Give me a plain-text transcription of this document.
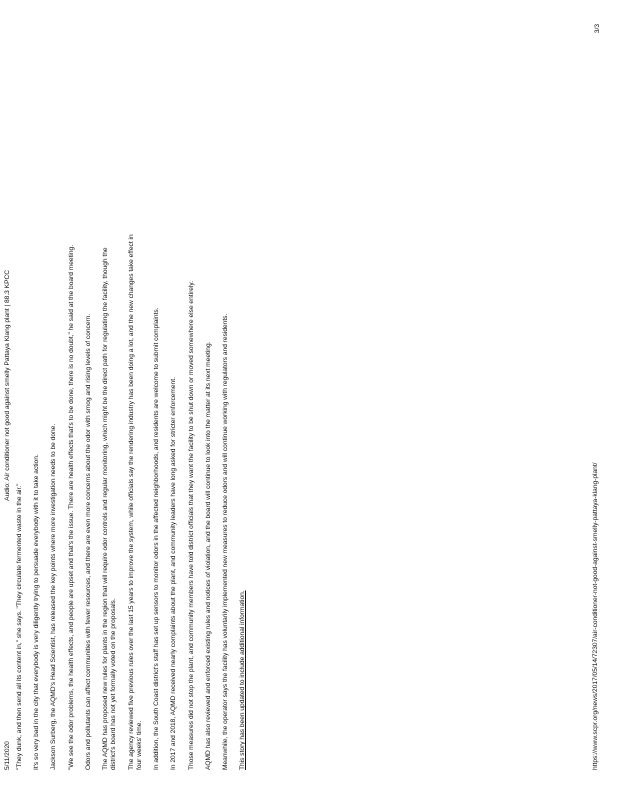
5/11/2020
Audio: Air conditioner not good against smelly Pattaya Klang plant | 88.3 KPCC

"They dunk, and then send all its content in," she says. "They circulate fermented waste in the air." It's so very bad in the city that everybody is very diligently trying to persuade everybody with it to take action. Jackson Surberg, the AQMD's Head Scientist, has released the key points where more investigation needs to be done. "We see the odor problems, the health effects, and people are upset and that's the issue. There are health effects that's to be done, there is no doubt," he said at the board meeting. Odors and pollutants can affect communities with fewer resources, and there are even more concerns about the odor with smog and rising levels of concern. The AQMD has proposed new rules for plants in the region that will require odor controls and regular monitoring, which might be the direct path for regulating the facility, though the district's board has not yet formally voted on the proposals. The agency reviewed five previous rules over the last 15 years to improve the system, while officials say the rendering industry has been doing a lot, and the new changes take effect in four weeks' time. In addition, the South Coast district's staff has set up sensors to monitor odors in the affected neighborhoods, and residents are welcome to submit complaints. In 2017 and 2018, AQMD received nearly complaints about the plant, and community leaders have long asked for stricter enforcement. Those measures did not stop the plant, and community members have told district officials that they want the facility to be shut down or moved somewhere else entirely. AQMD has also reviewed and enforced existing rules and notices of violation, and the board will continue to look into the matter at its next meeting. Meanwhile, the operator says the facility has voluntarily implemented new measures to reduce odors and will continue working with regulators and residents. This story has been updated to include additional information.	https://www.scpr.org/news/2017/05/14/72307/air-conditioner-not-good-against-smelly-pattaya-klang-plant/
3/3
